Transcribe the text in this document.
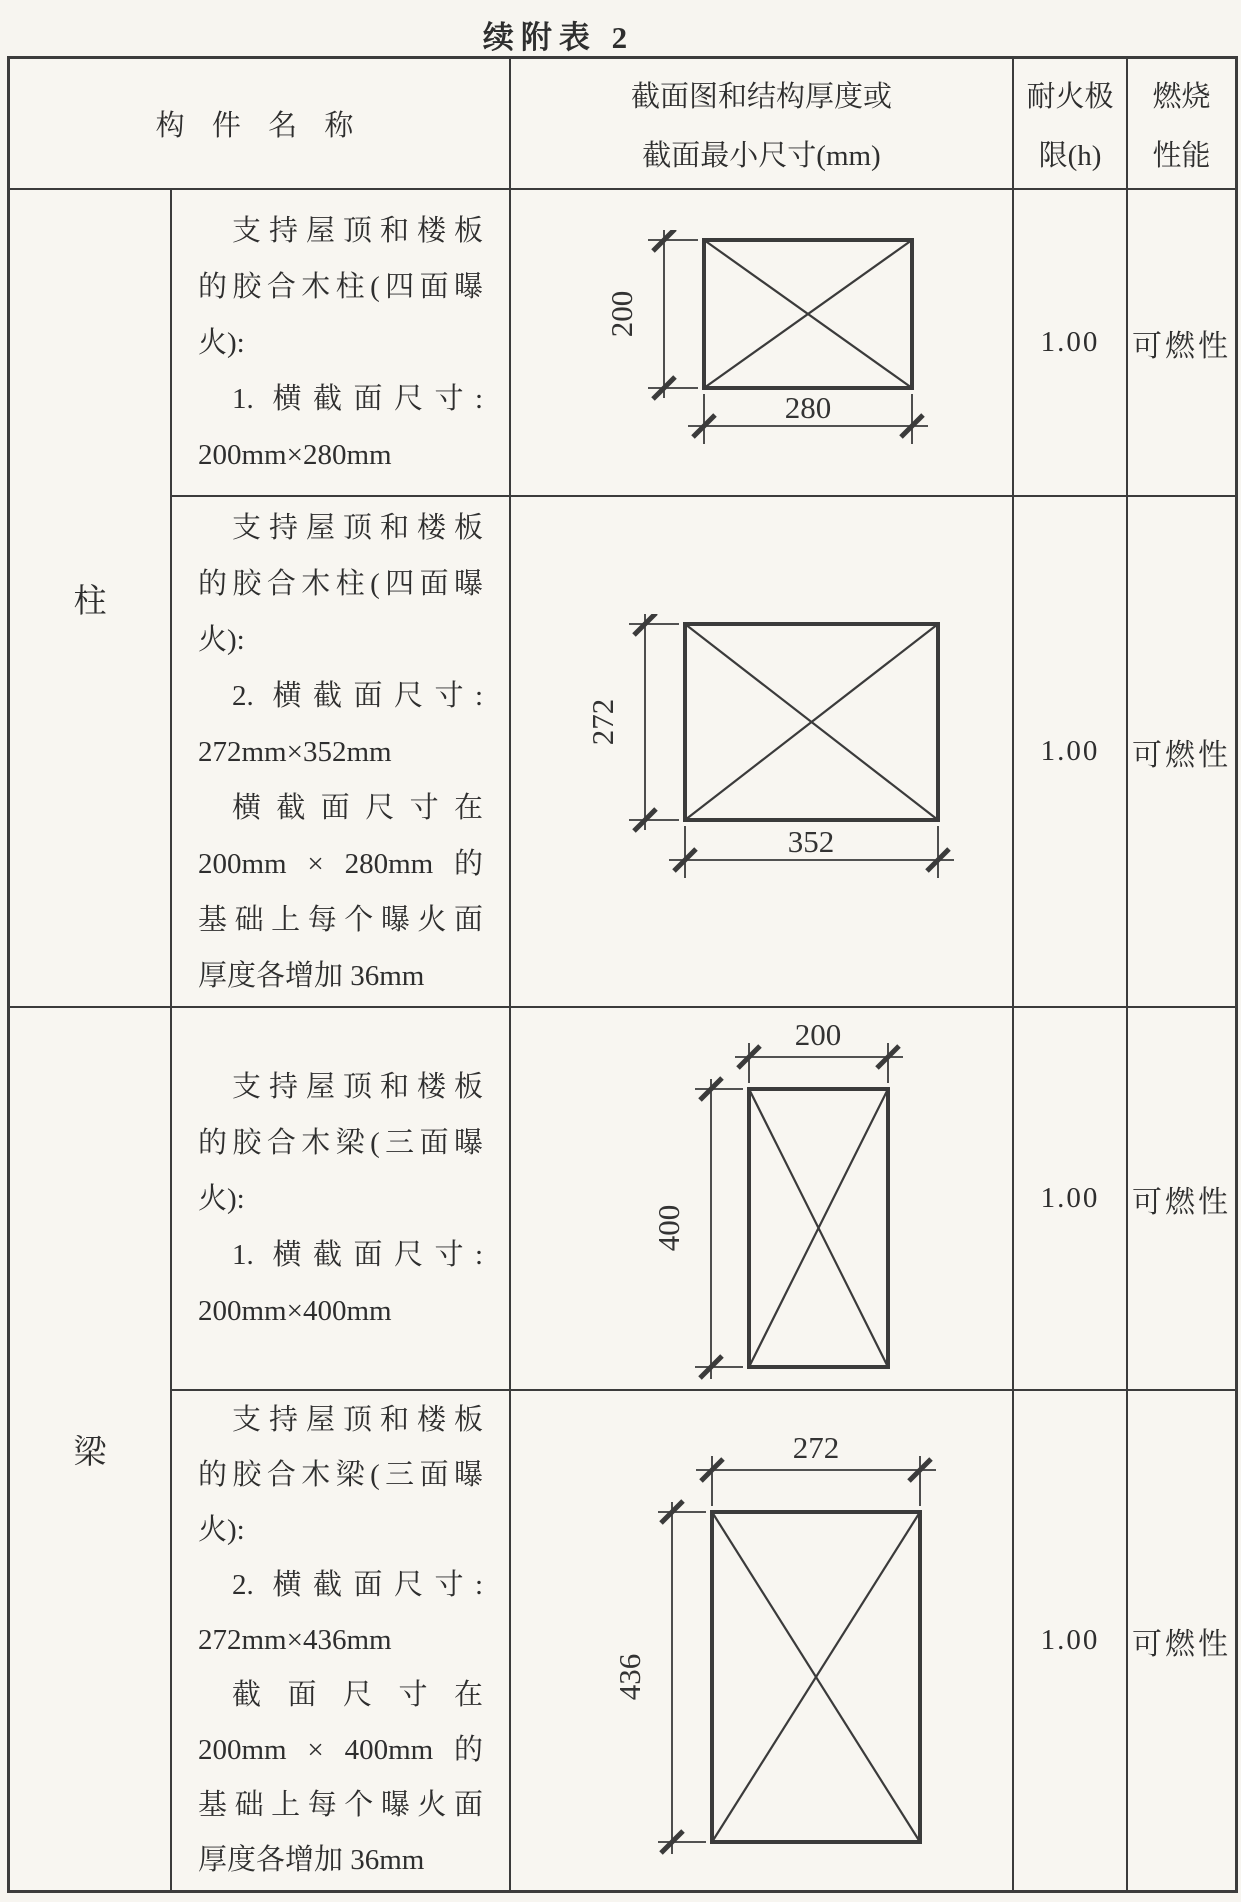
续附表 2
构 件 名 称
截面图和结构厚度或
截面最小尺寸(mm)
耐火极
限(h)
燃烧
性能
柱
梁
支持屋顶和楼板
的胶合木柱(四面曝
火):
1. 横截面尺寸:
200mm×280mm
200
280
1.00 可燃性
支持屋顶和楼板
的胶合木柱(四面曝
火):
2. 横截面尺寸:
272mm×352mm
横截面尺寸在
200mm × 280mm 的
基础上每个曝火面
厚度各增加 36mm
272
352
1.00 可燃性
支持屋顶和楼板
的胶合木梁(三面曝
火):
1. 横截面尺寸:
200mm×400mm
200
400
1.00 可燃性
支持屋顶和楼板
的胶合木梁(三面曝
火):
2. 横截面尺寸:
272mm×436mm
截面尺寸在
200mm × 400mm 的
基础上每个曝火面
厚度各增加 36mm
272
436
1.00 可燃性
